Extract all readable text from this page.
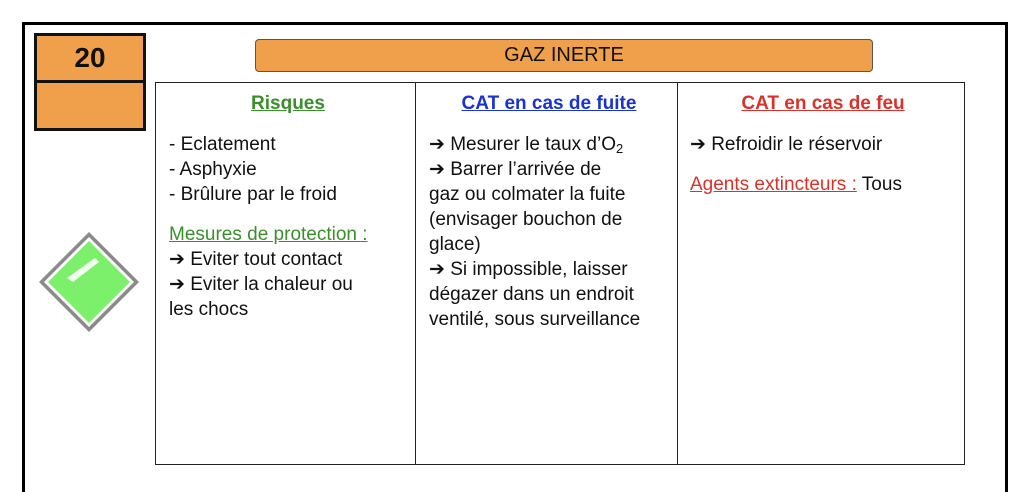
20	GAZ INERTE
Risques
- Eclatement
- Asphyxie
- Brûlure par le froid
Mesures de protection :
➔ Eviter tout contact
➔ Eviter la chaleur ou
les chocs
CAT en cas de fuite
➔ Mesurer le taux $d’O_2$
➔ Barrer l’arrivée de
gaz ou colmater la fuite
(envisager bouchon de
glace)
➔ Si impossible, laisser
dégazer dans un endroit
ventilé, sous surveillance
CAT en cas de feu
➔ Refroidir le réservoir
Agents extincteurs : Tous
